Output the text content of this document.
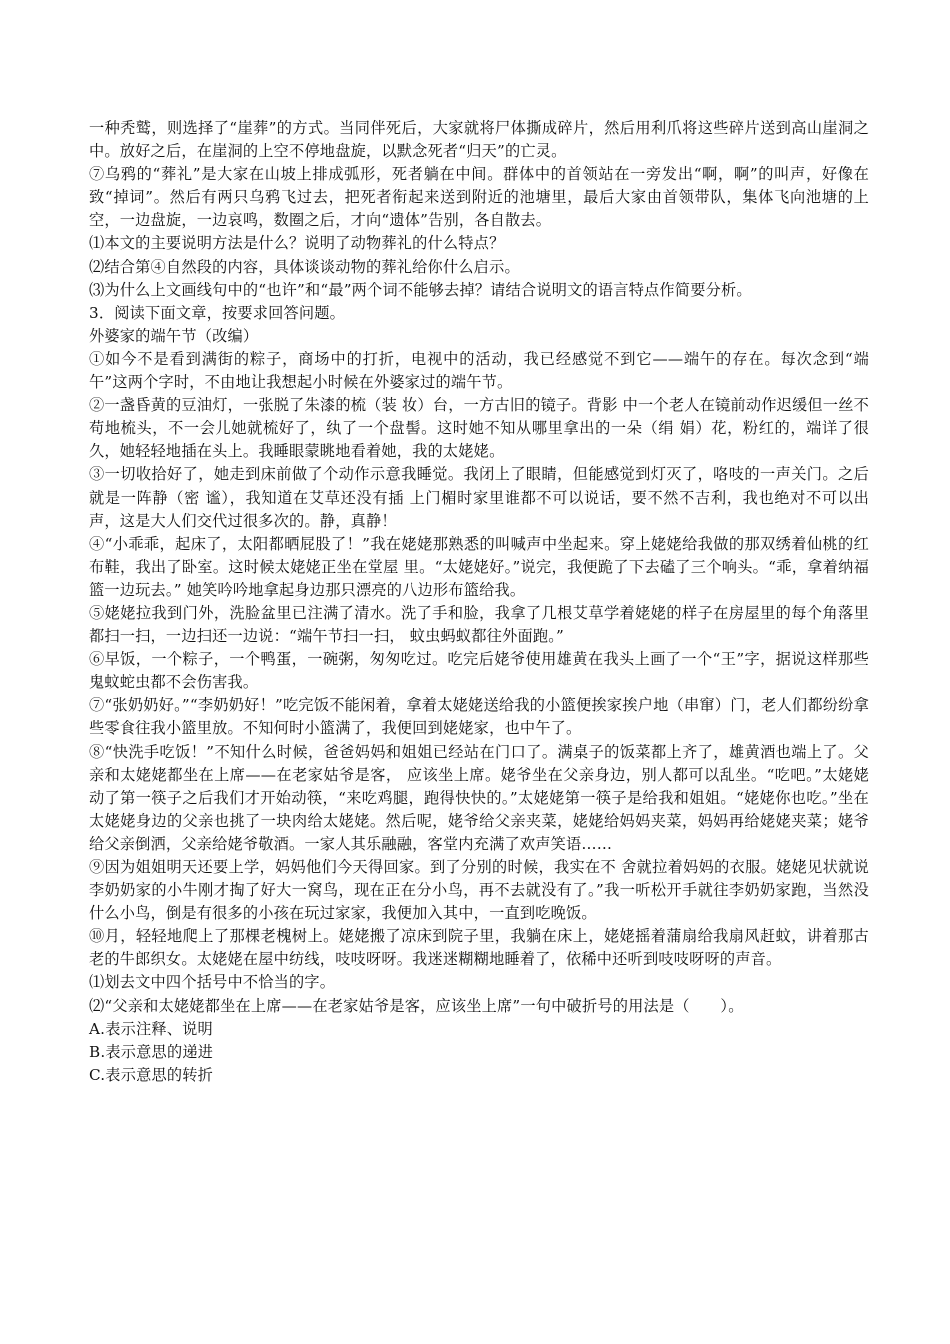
一种秃鹫，则选择了“崖葬”的方式。当同伴死后，大家就将尸体撕成碎片，然后用利爪将这些碎片送到高山崖洞之中。放好之后，在崖洞的上空不停地盘旋，以默念死者“归天”的亡灵。

⑦乌鸦的“葬礼”是大家在山坡上排成弧形，死者躺在中间。群体中的首领站在一旁发出“啊，啊”的叫声，好像在致“掉词”。然后有两只乌鸦飞过去，把死者衔起来送到附近的池塘里，最后大家由首领带队，集体飞向池塘的上空，一边盘旋，一边哀鸣，数圈之后，才向“遗体”告别，各自散去。

⑴本文的主要说明方法是什么？说明了动物葬礼的什么特点？

⑵结合第④自然段的内容，具体谈谈动物的葬礼给你什么启示。

⑶为什么上文画线句中的“也许”和“最”两个词不能够去掉？请结合说明文的语言特点作简要分析。

3．阅读下面文章，按要求回答问题。

外婆家的端午节（改编）

①如今不是看到满街的粽子，商场中的打折，电视中的活动，我已经感觉不到它——端午的存在。每次念到“端午”这两个字时，不由地让我想起小时候在外婆家过的端午节。

②一盏昏黄的豆油灯，一张脱了朱漆的梳（装 妆）台，一方古旧的镜子。背影 中一个老人在镜前动作迟缓但一丝不苟地梳头，不一会儿她就梳好了，纨了一个盘髻。这时她不知从哪里拿出的一朵（绢 娟）花，粉红的，端详了很久，她轻轻地插在头上。我睡眼蒙眺地看着她，我的太姥姥。

③一切收拾好了，她走到床前做了个动作示意我睡觉。我闭上了眼睛，但能感觉到灯灭了，咯吱的一声关门。之后就是一阵静（密 谧），我知道在艾草还没有插 上门楣时家里谁都不可以说话，要不然不吉利，我也绝对不可以出声，这是大人们交代过很多次的。静，真静！

④“小乖乖，起床了，太阳都晒屁股了！”我在姥姥那熟悉的叫喊声中坐起来。穿上姥姥给我做的那双绣着仙桃的红布鞋，我出了卧室。这时候太姥姥正坐在堂屋 里。“太姥姥好。”说完，我便跪了下去磕了三个响头。“乖，拿着纳福篮一边玩去。” 她笑吟吟地拿起身边那只漂亮的八边形布篮给我。

⑤姥姥拉我到门外，洗脸盆里已注满了清水。洗了手和脸，我拿了几根艾草学着姥姥的样子在房屋里的每个角落里都扫一扫，一边扫还一边说：“端午节扫一扫， 蚊虫蚂蚁都往外面跑。”

⑥早饭，一个粽子，一个鸭蛋，一碗粥，匆匆吃过。吃完后姥爷使用雄黄在我头上画了一个“王”字，据说这样那些鬼蚊蛇虫都不会伤害我。

⑦“张奶奶好。”“李奶奶好！”吃完饭不能闲着，拿着太姥姥送给我的小篮便挨家挨户地（串窜）门，老人们都纷纷拿些零食往我小篮里放。不知何时小篮满了，我便回到姥姥家，也中午了。

⑧“快洗手吃饭！”不知什么时候，爸爸妈妈和姐姐已经站在门口了。满桌子的饭菜都上齐了，雄黄酒也端上了。父亲和太姥姥都坐在上席——在老家姑爷是客， 应该坐上席。姥爷坐在父亲身边，别人都可以乱坐。“吃吧。”太姥姥动了第一筷子之后我们才开始动筷，“来吃鸡腿，跑得快快的。”太姥姥第一筷子是给我和姐姐。“姥姥你也吃。”坐在太姥姥身边的父亲也挑了一块肉给太姥姥。然后呢，姥爷给父亲夹菜，姥姥给妈妈夹菜，妈妈再给姥姥夹菜；姥爷给父亲倒洒，父亲给姥爷敬酒。一家人其乐融融，客堂内充满了欢声笑语……

⑨因为姐姐明天还要上学，妈妈他们今天得回家。到了分别的时候，我实在不 舍就拉着妈妈的衣服。姥姥见状就说李奶奶家的小牛刚才掏了好大一窝鸟，现在正在分小鸟，再不去就没有了。”我一听松开手就往李奶奶家跑，当然没什么小鸟，倒是有很多的小孩在玩过家家，我便加入其中，一直到吃晚饭。

⑩月，轻轻地爬上了那棵老槐树上。姥姥搬了凉床到院子里，我躺在床上，姥姥摇着蒲扇给我扇风赶蚊，讲着那古老的牛郎织女。太姥姥在屋中纺线，吱吱呀呀。我迷迷糊糊地睡着了，依稀中还听到吱吱呀呀的声音。

⑴划去文中四个括号中不恰当的字。

⑵“父亲和太姥姥都坐在上席——在老家姑爷是客，应该坐上席”一句中破折号的用法是（　　）。

A.表示注释、说明

B.表示意思的递进

C.表示意思的转折
